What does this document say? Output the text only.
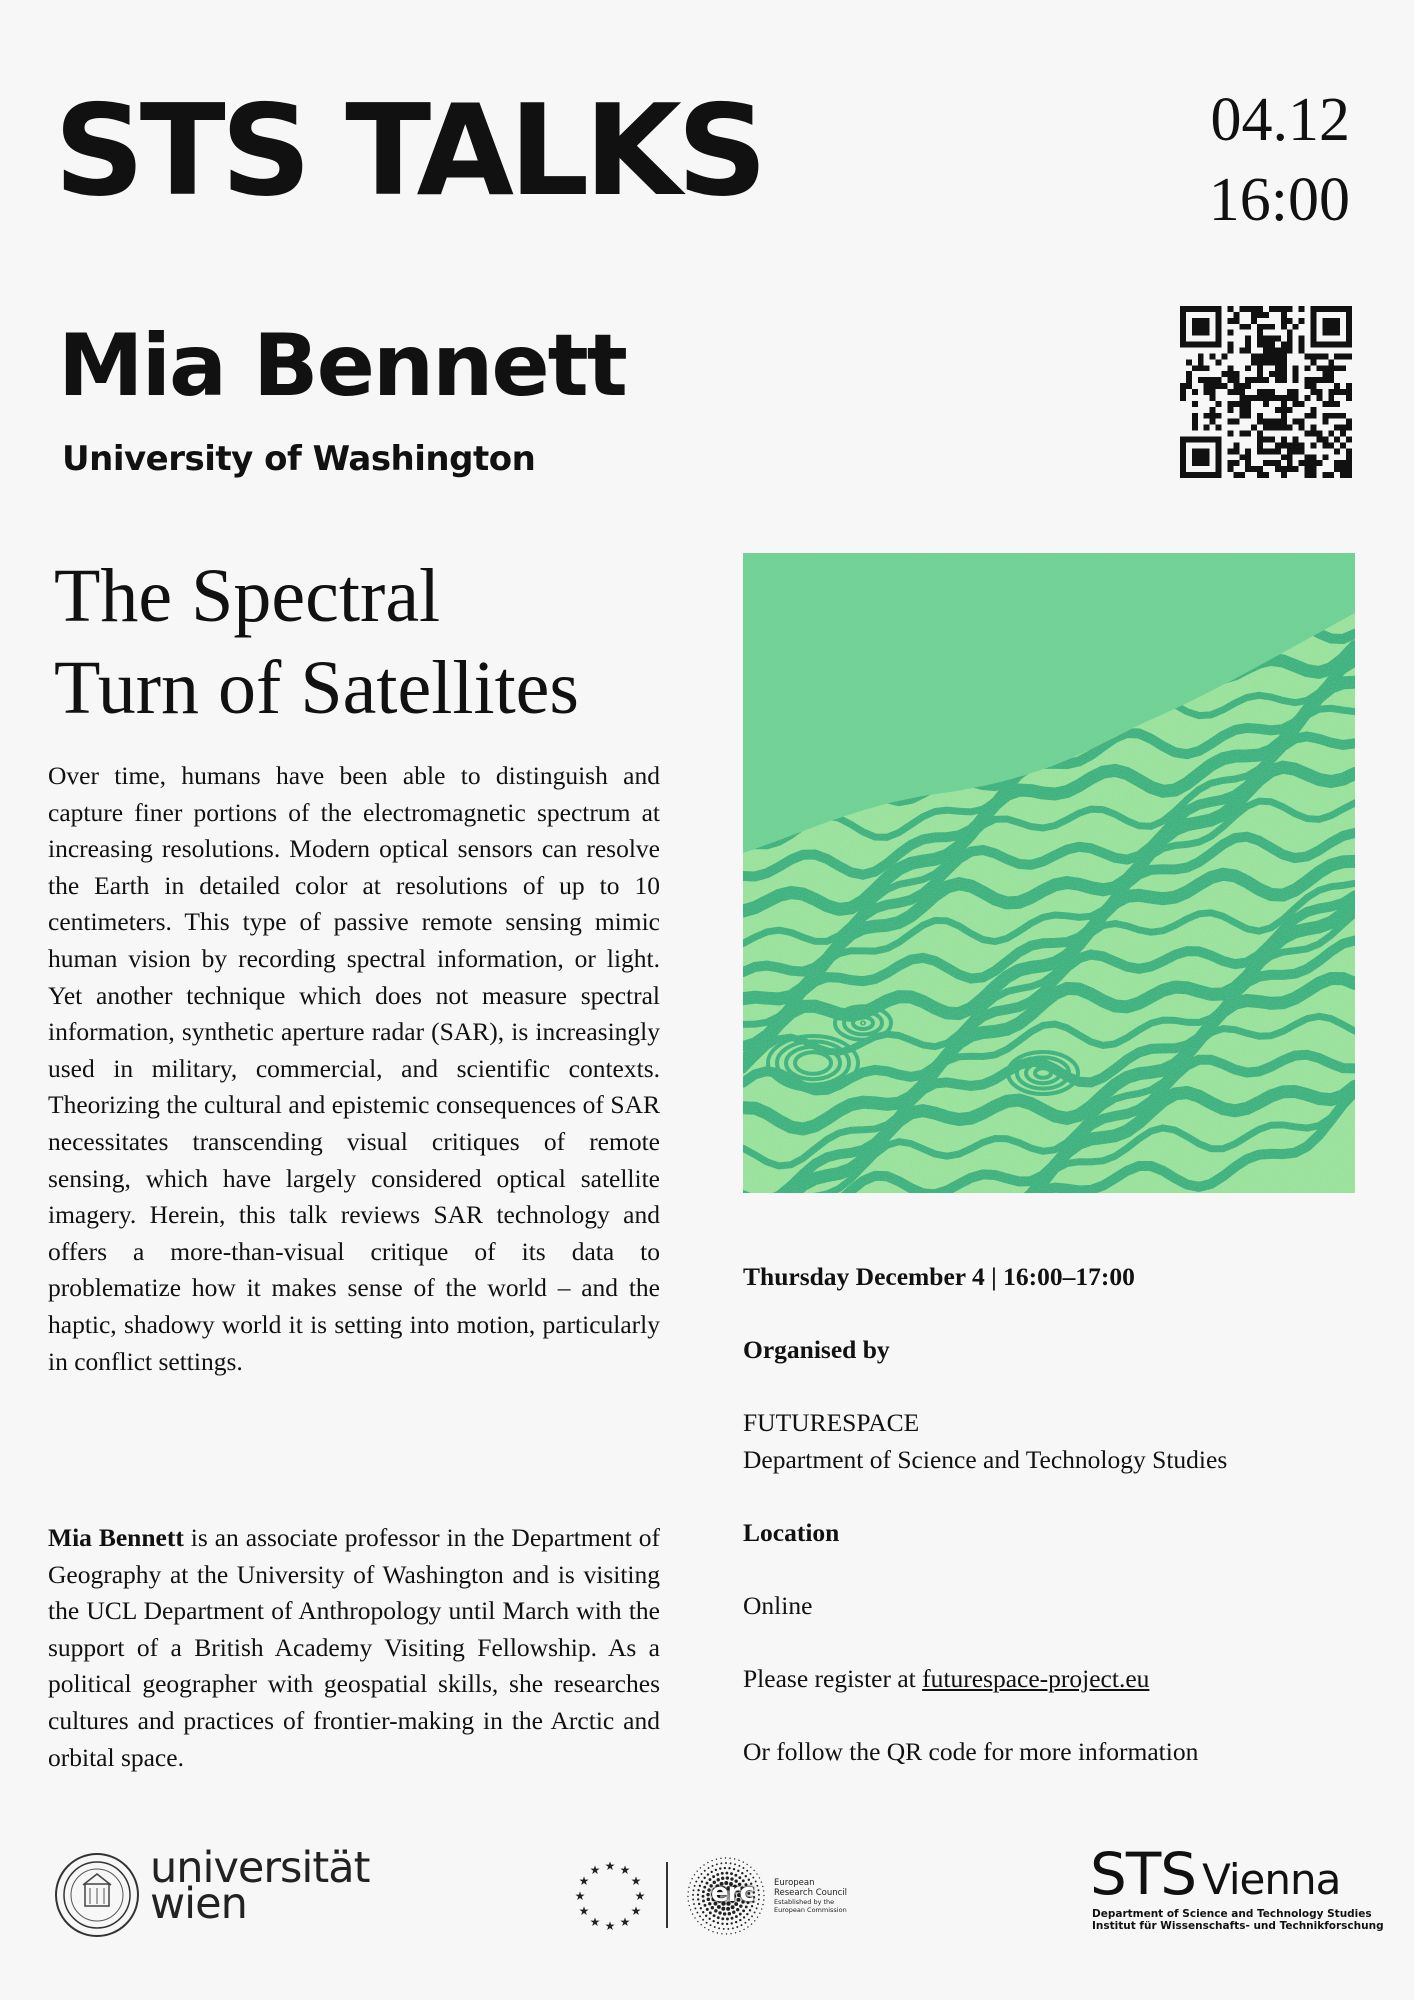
STS TALKS	04.12
16:00
Mia Bennett
University of Washington
The Spectral
Turn of Satellites

Over time, humans have been able to distinguish and capture finer portions of the electromagnetic spectrum at increasing resolutions. Modern optical sensors can resolve the Earth in detailed color at resolutions of up to 10 centimeters. This type of passive remote sensing mimic human vision by recording spectral information, or light. Yet another technique which does not measure spectral information, synthetic aperture radar (SAR), is increasingly used in military, commercial, and scientific contexts. Theorizing the cultural and epistemic consequences of SAR necessitates transcending visual critiques of remote sensing, which have largely considered optical satellite imagery. Herein, this talk reviews SAR technology and offers a more-than-visual critique of its data to problematize how it makes sense of the world – and the haptic, shadowy world it is setting into motion, particularly in conflict settings.

Mia Bennett is an associate professor in the Department of Geography at the University of Washington and is visiting the UCL Department of Anthropology until March with the support of a British Academy Visiting Fellowship. As a political geographer with geospatial skills, she researches cultures and practices of frontier-making in the Arctic and orbital space.

Thursday December 4 | 16:00–17:00
Organised by
FUTURESPACE
Department of Science and Technology Studies
Location
Online
Please register at futurespace-project.eu
Or follow the QR code for more information
universität
wien	★
★
★
★
★
★
★
★
★ ★ ★
★	erc European
Research Council
Established by the
European Commission
STS Vienna
Department of Science and Technology Studies
Institut für Wissenschafts- und Technikforschung
